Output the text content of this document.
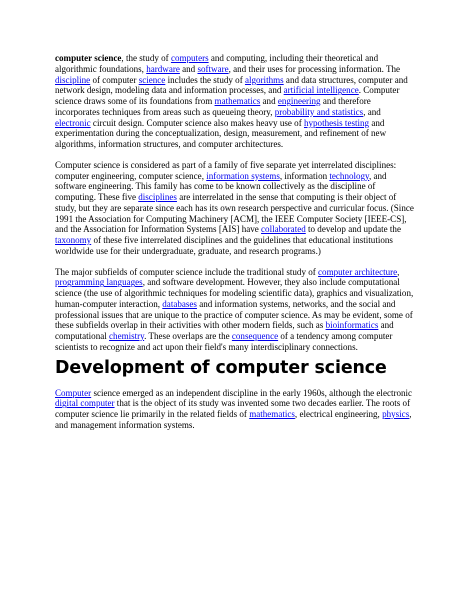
computer science, the study of computers and computing, including their theoretical and algorithmic foundations, hardware and software, and their uses for processing information. The discipline of computer science includes the study of algorithms and data structures, computer and network design, modeling data and information processes, and artificial intelligence. Computer science draws some of its foundations from mathematics and engineering and therefore incorporates techniques from areas such as queueing theory, probability and statistics, and electronic circuit design. Computer science also makes heavy use of hypothesis testing and experimentation during the conceptualization, design, measurement, and refinement of new algorithms, information structures, and computer architectures.

Computer science is considered as part of a family of five separate yet interrelated disciplines: computer engineering, computer science, information systems, information technology, and software engineering. This family has come to be known collectively as the discipline of computing. These five disciplines are interrelated in the sense that computing is their object of study, but they are separate since each has its own research perspective and curricular focus. (Since 1991 the Association for Computing Machinery [ACM], the IEEE Computer Society [IEEE-CS], and the Association for Information Systems [AIS] have collaborated to develop and update the taxonomy of these five interrelated disciplines and the guidelines that educational institutions worldwide use for their undergraduate, graduate, and research programs.)

The major subfields of computer science include the traditional study of computer architecture, programming languages, and software development. However, they also include computational science (the use of algorithmic techniques for modeling scientific data), graphics and visualization, human-computer interaction, databases and information systems, networks, and the social and professional issues that are unique to the practice of computer science. As may be evident, some of these subfields overlap in their activities with other modern fields, such as bioinformatics and computational chemistry. These overlaps are the consequence of a tendency among computer scientists to recognize and act upon their field's many interdisciplinary connections.

Development of computer science

Computer science emerged as an independent discipline in the early 1960s, although the electronic digital computer that is the object of its study was invented some two decades earlier. The roots of computer science lie primarily in the related fields of mathematics, electrical engineering, physics, and management information systems.
